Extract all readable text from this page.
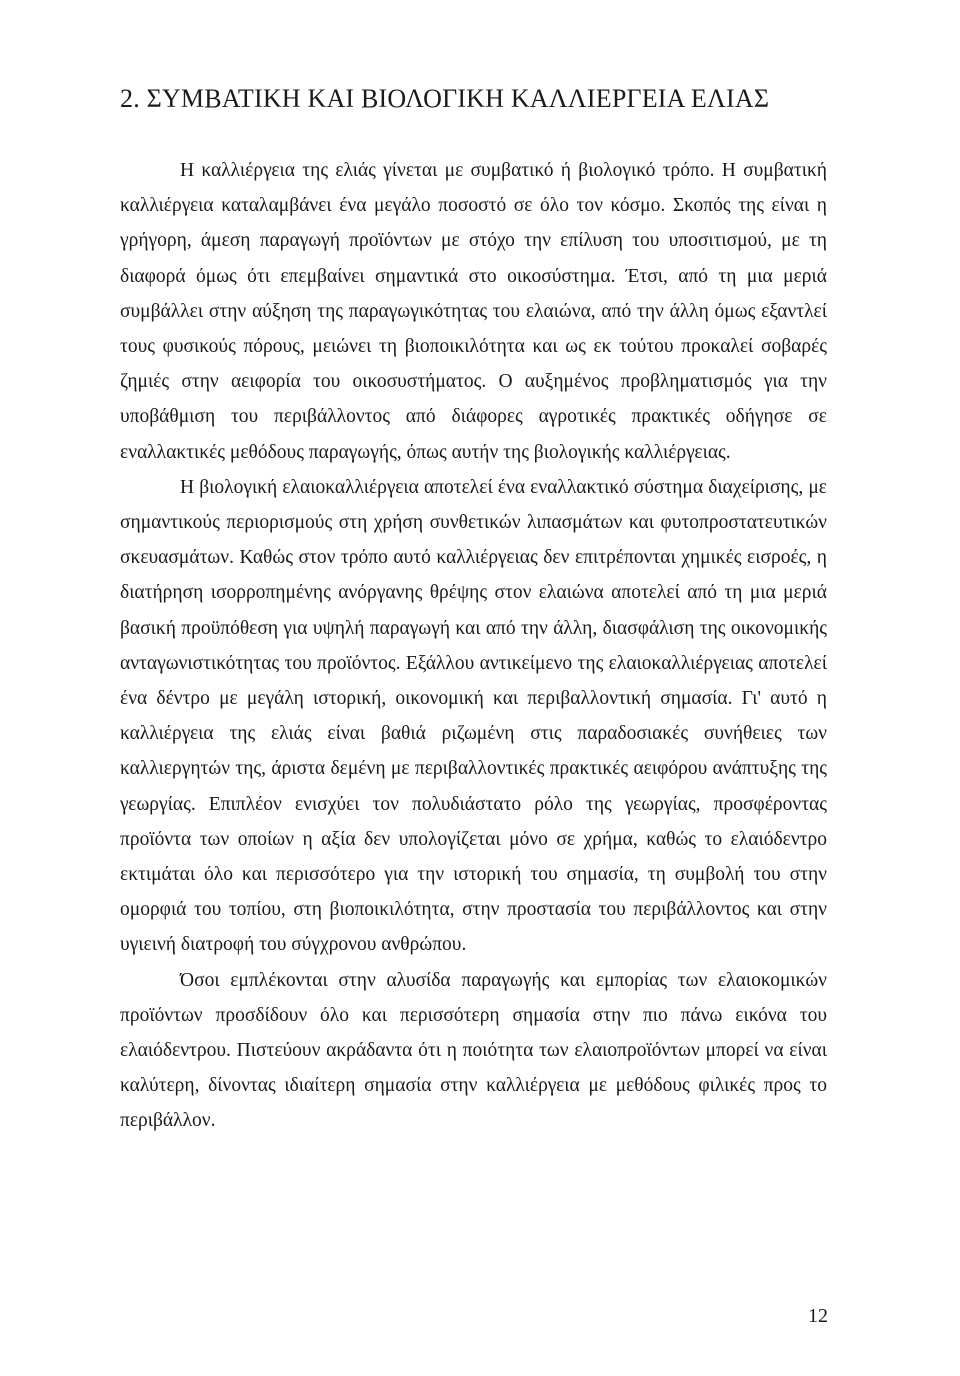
2. ΣΥΜΒΑΤΙΚΗ ΚΑΙ ΒΙΟΛΟΓΙΚΗ ΚΑΛΛΙΕΡΓΕΙΑ ΕΛΙΑΣ

Η καλλιέργεια της ελιάς γίνεται με συμβατικό ή βιολογικό τρόπο. Η συμβατική καλλιέργεια καταλαμβάνει ένα μεγάλο ποσοστό σε όλο τον κόσμο. Σκοπός της είναι η γρήγορη, άμεση παραγωγή προϊόντων με στόχο την επίλυση του υποσιτισμού, με τη διαφορά όμως ότι επεμβαίνει σημαντικά στο οικοσύστημα. Έτσι, από τη μια μεριά συμβάλλει στην αύξηση της παραγωγικότητας του ελαιώνα, από την άλλη όμως εξαντλεί τους φυσικούς πόρους, μειώνει τη βιοποικιλότητα και ως εκ τούτου προκαλεί σοβαρές ζημιές στην αειφορία του οικοσυστήματος. Ο αυξημένος προβληματισμός για την υποβάθμιση του περιβάλλοντος από διάφορες αγροτικές πρακτικές οδήγησε σε εναλλακτικές μεθόδους παραγωγής, όπως αυτήν της βιολογικής καλλιέργειας.

Η βιολογική ελαιοκαλλιέργεια αποτελεί ένα εναλλακτικό σύστημα διαχείρισης, με σημαντικούς περιορισμούς στη χρήση συνθετικών λιπασμάτων και φυτοπροστατευτικών σκευασμάτων. Καθώς στον τρόπο αυτό καλλιέργειας δεν επιτρέπονται χημικές εισροές, η διατήρηση ισορροπημένης ανόργανης θρέψης στον ελαιώνα αποτελεί από τη μια μεριά βασική προϋπόθεση για υψηλή παραγωγή και από την άλλη, διασφάλιση της οικονομικής ανταγωνιστικότητας του προϊόντος. Εξάλλου αντικείμενο της ελαιοκαλλιέργειας αποτελεί ένα δέντρο με μεγάλη ιστορική, οικονομική και περιβαλλοντική σημασία. Γι' αυτό η καλλιέργεια της ελιάς είναι βαθιά ριζωμένη στις παραδοσιακές συνήθειες των καλλιεργητών της, άριστα δεμένη με περιβαλλοντικές πρακτικές αειφόρου ανάπτυξης της γεωργίας. Επιπλέον ενισχύει τον πολυδιάστατο ρόλο της γεωργίας, προσφέροντας προϊόντα των οποίων η αξία δεν υπολογίζεται μόνο σε χρήμα, καθώς το ελαιόδεντρο εκτιμάται όλο και περισσότερο για την ιστορική του σημασία, τη συμβολή του στην ομορφιά του τοπίου, στη βιοποικιλότητα, στην προστασία του περιβάλλοντος και στην υγιεινή διατροφή του σύγχρονου ανθρώπου.

Όσοι εμπλέκονται στην αλυσίδα παραγωγής και εμπορίας των ελαιοκομικών προϊόντων προσδίδουν όλο και περισσότερη σημασία στην πιο πάνω εικόνα του ελαιόδεντρου. Πιστεύουν ακράδαντα ότι η ποιότητα των ελαιοπροϊόντων μπορεί να είναι καλύτερη, δίνοντας ιδιαίτερη σημασία στην καλλιέργεια με μεθόδους φιλικές προς το περιβάλλον.

12
